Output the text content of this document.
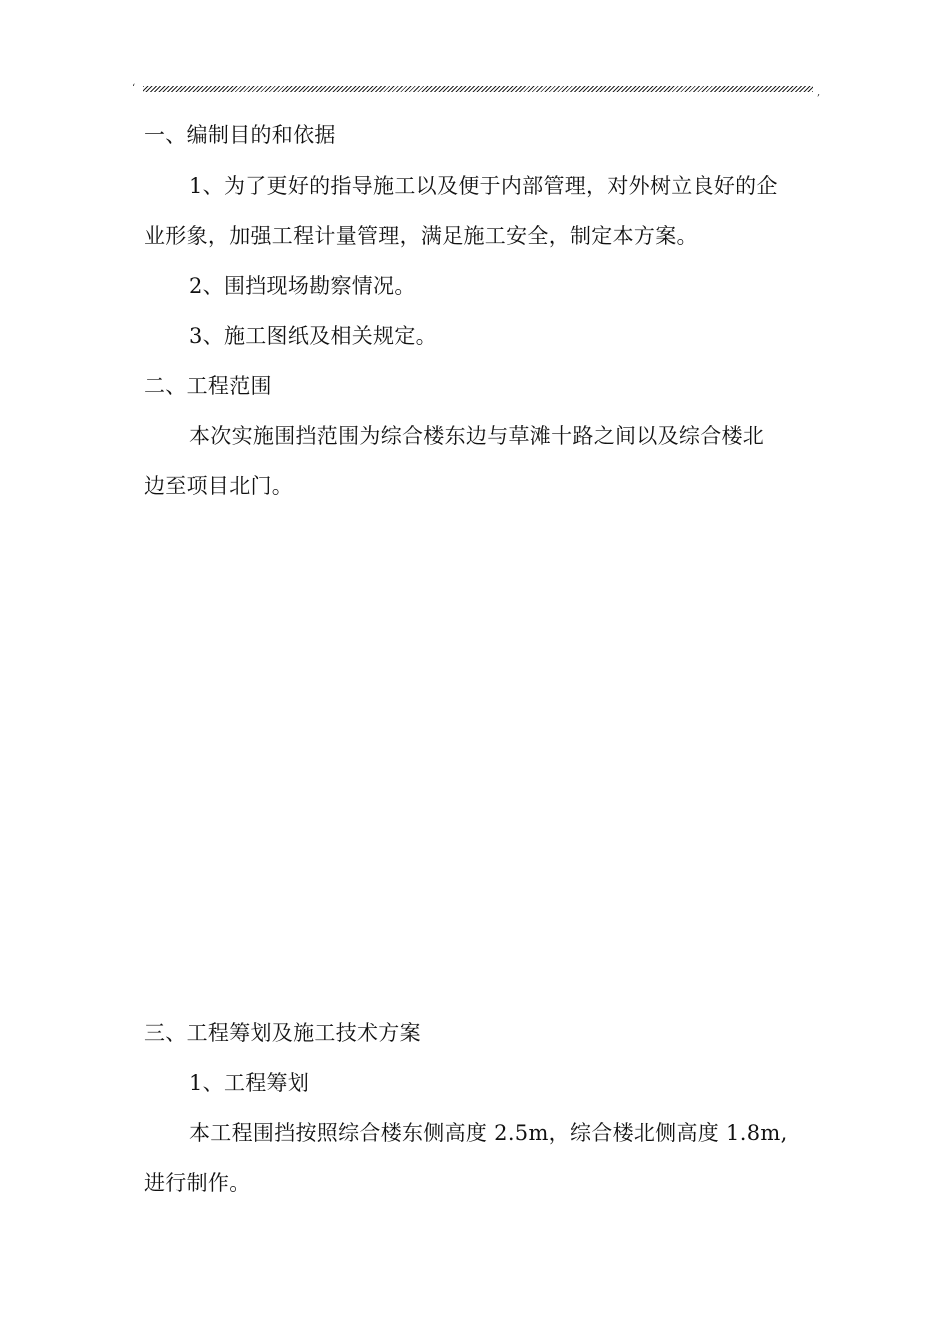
‘	,
一、编制目的和依据
1、为了更好的指导施工以及便于内部管理，对外树立良好的企
业形象，加强工程计量管理，满足施工安全，制定本方案。
2、围挡现场勘察情况。
3、施工图纸及相关规定。
二、工程范围
本次实施围挡范围为综合楼东边与草滩十路之间以及综合楼北
边至项目北门。
三、工程筹划及施工技术方案
1、工程筹划
本工程围挡按照综合楼东侧高度 2.5m，综合楼北侧高度 1.8m,
进行制作。
